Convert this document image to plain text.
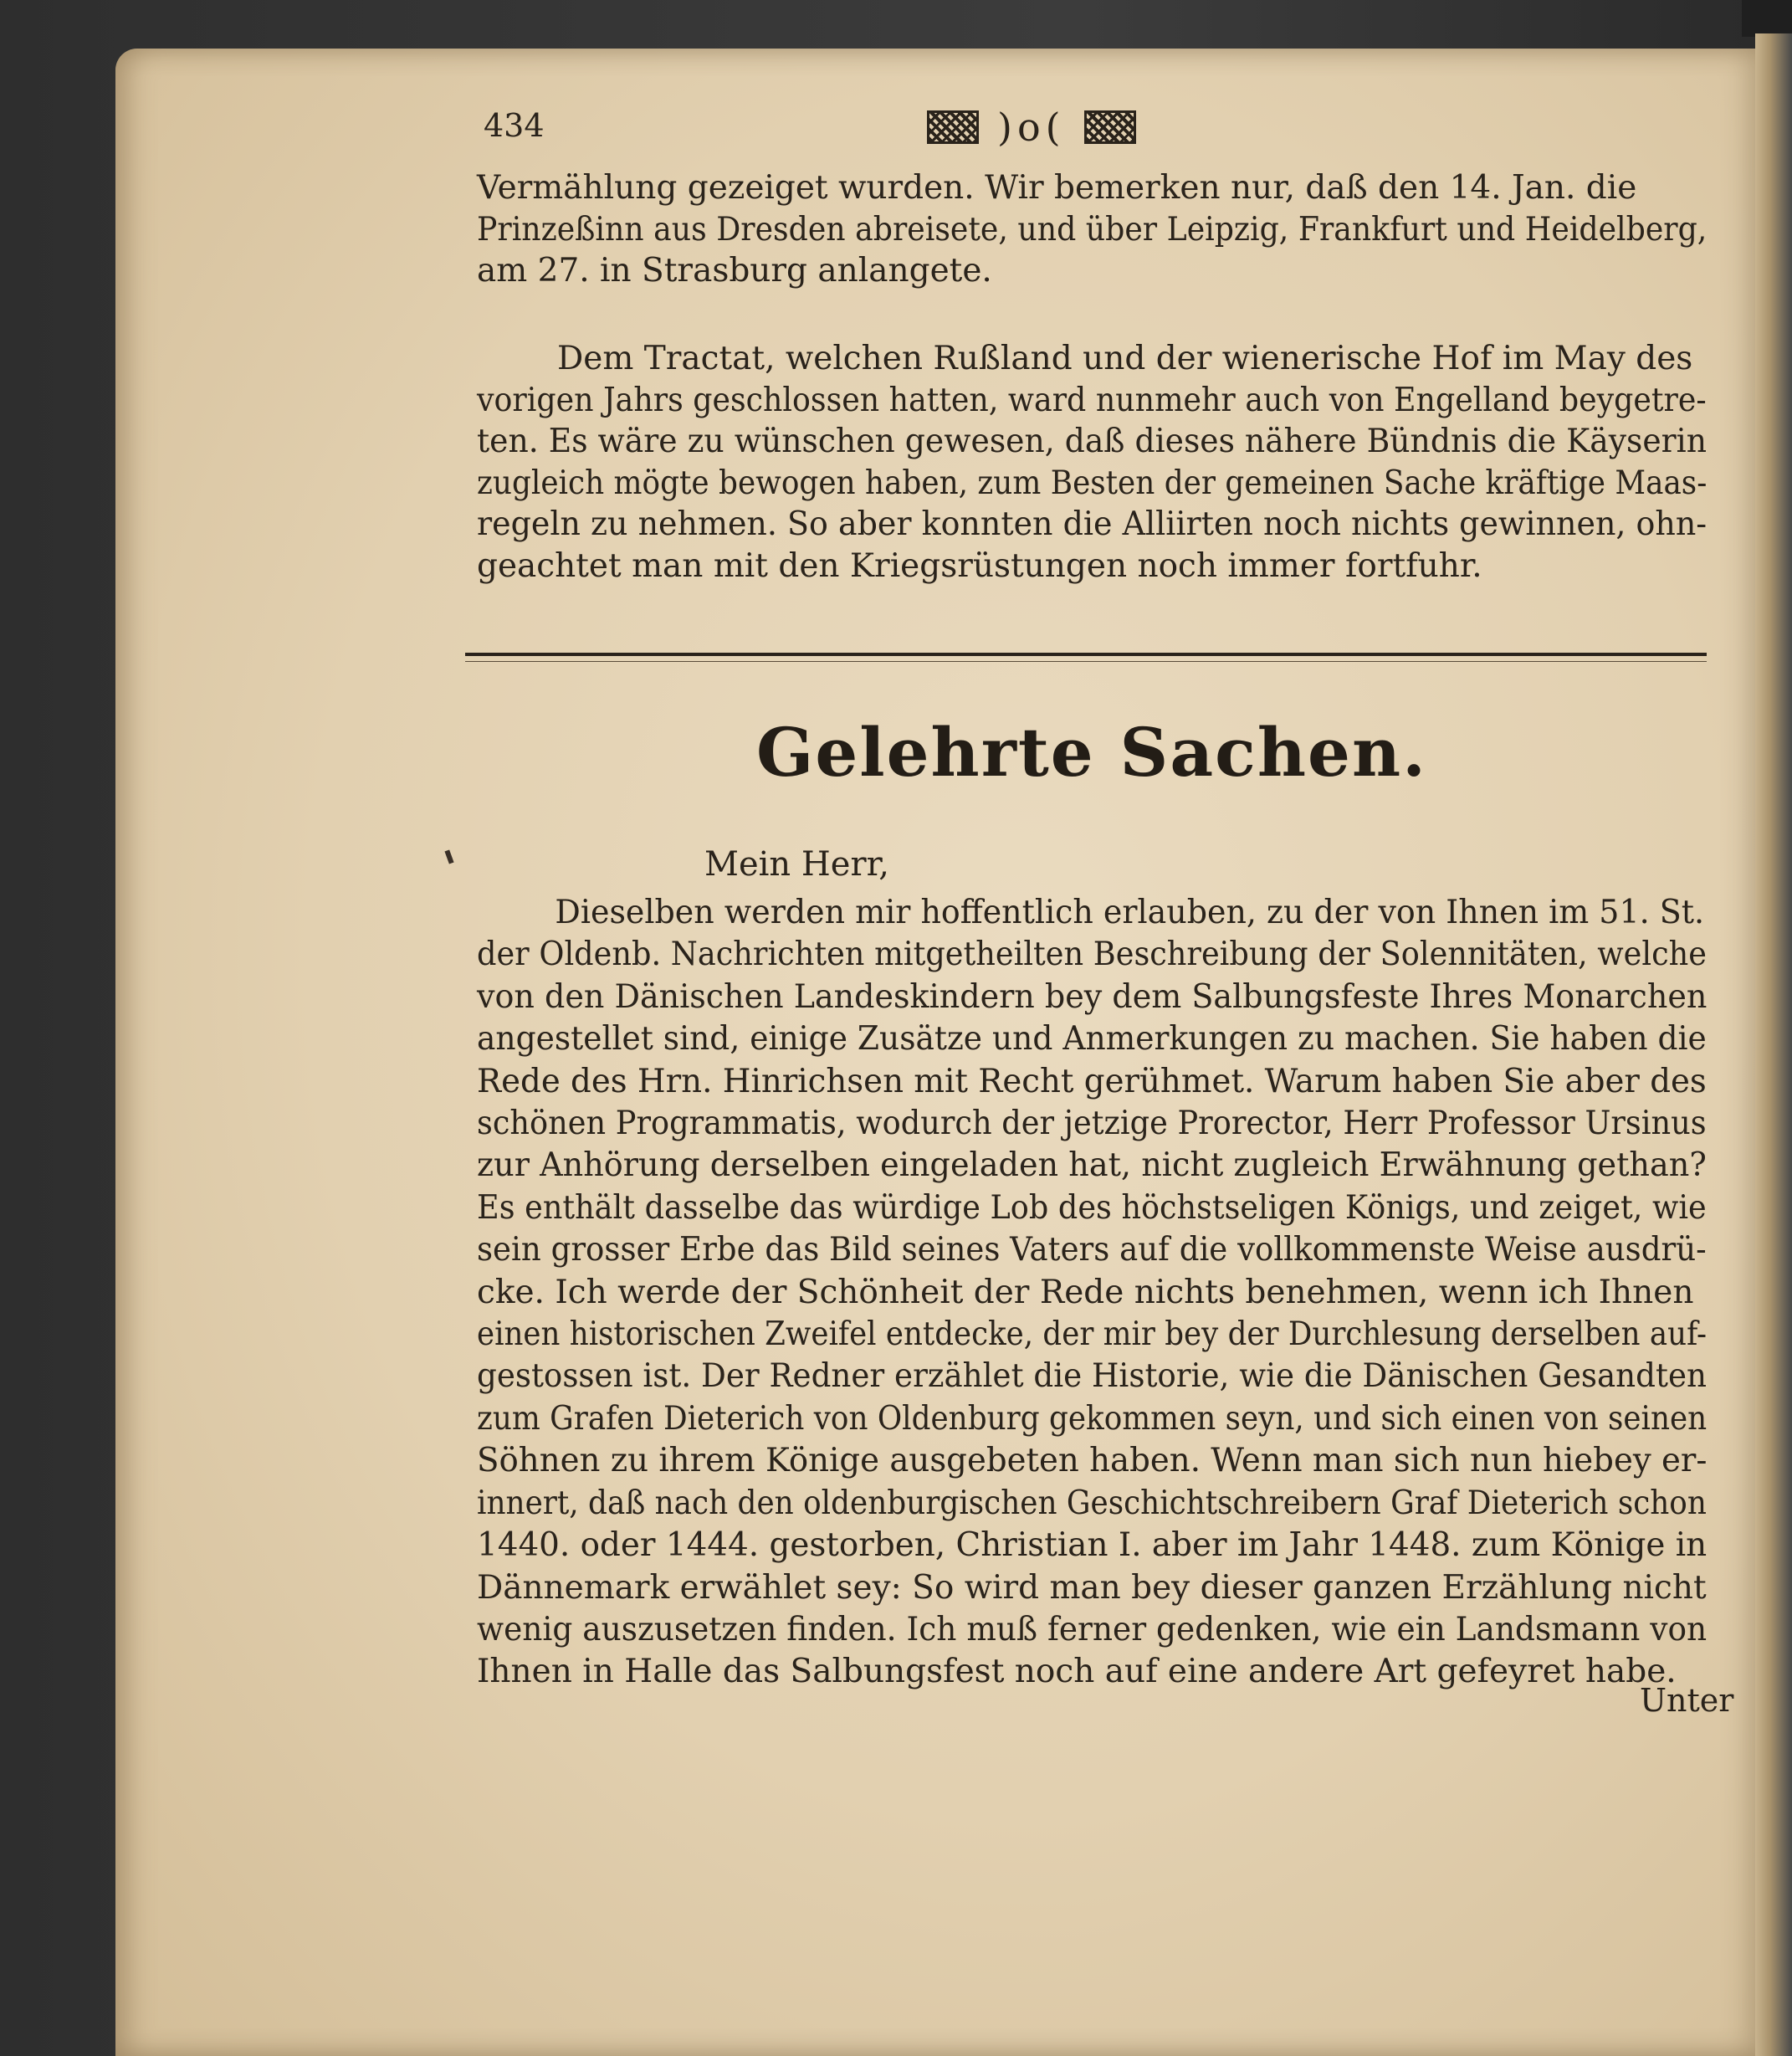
434	)o(
Vermählung gezeiget wurden. Wir bemerken nur, daß den 14. Jan. die
Prinzeßinn aus Dresden abreisete, und über Leipzig, Frankfurt und Heidelberg,
am 27. in Strasburg anlangete.
Dem Tractat, welchen Rußland und der wienerische Hof im May des
vorigen Jahrs geschlossen hatten, ward nunmehr auch von Engelland beygetre-
ten. Es wäre zu wünschen gewesen, daß dieses nähere Bündnis die Käyserin
zugleich mögte bewogen haben, zum Besten der gemeinen Sache kräftige Maas-
regeln zu nehmen. So aber konnten die Alliirten noch nichts gewinnen, ohn-
geachtet man mit den Kriegsrüstungen noch immer fortfuhr.
Gelehrte Sachen.
Mein Herr,
Dieselben werden mir hoffentlich erlauben, zu der von Ihnen im 51. St.
der Oldenb. Nachrichten mitgetheilten Beschreibung der Solennitäten, welche
von den Dänischen Landeskindern bey dem Salbungsfeste Ihres Monarchen
angestellet sind, einige Zusätze und Anmerkungen zu machen. Sie haben die
Rede des Hrn. Hinrichsen mit Recht gerühmet. Warum haben Sie aber des
schönen Programmatis, wodurch der jetzige Prorector, Herr Professor Ursinus
zur Anhörung derselben eingeladen hat, nicht zugleich Erwähnung gethan?
Es enthält dasselbe das würdige Lob des höchstseligen Königs, und zeiget, wie
sein grosser Erbe das Bild seines Vaters auf die vollkommenste Weise ausdrü-
cke. Ich werde der Schönheit der Rede nichts benehmen, wenn ich Ihnen
einen historischen Zweifel entdecke, der mir bey der Durchlesung derselben auf-
gestossen ist. Der Redner erzählet die Historie, wie die Dänischen Gesandten
zum Grafen Dieterich von Oldenburg gekommen seyn, und sich einen von seinen
Söhnen zu ihrem Könige ausgebeten haben. Wenn man sich nun hiebey er-
innert, daß nach den oldenburgischen Geschichtschreibern Graf Dieterich schon
1440. oder 1444. gestorben, Christian I. aber im Jahr 1448. zum Könige in
Dännemark erwählet sey: So wird man bey dieser ganzen Erzählung nicht
wenig auszusetzen finden. Ich muß ferner gedenken, wie ein Landsmann von
Ihnen in Halle das Salbungsfest noch auf eine andere Art gefeyret habe.
Unter
